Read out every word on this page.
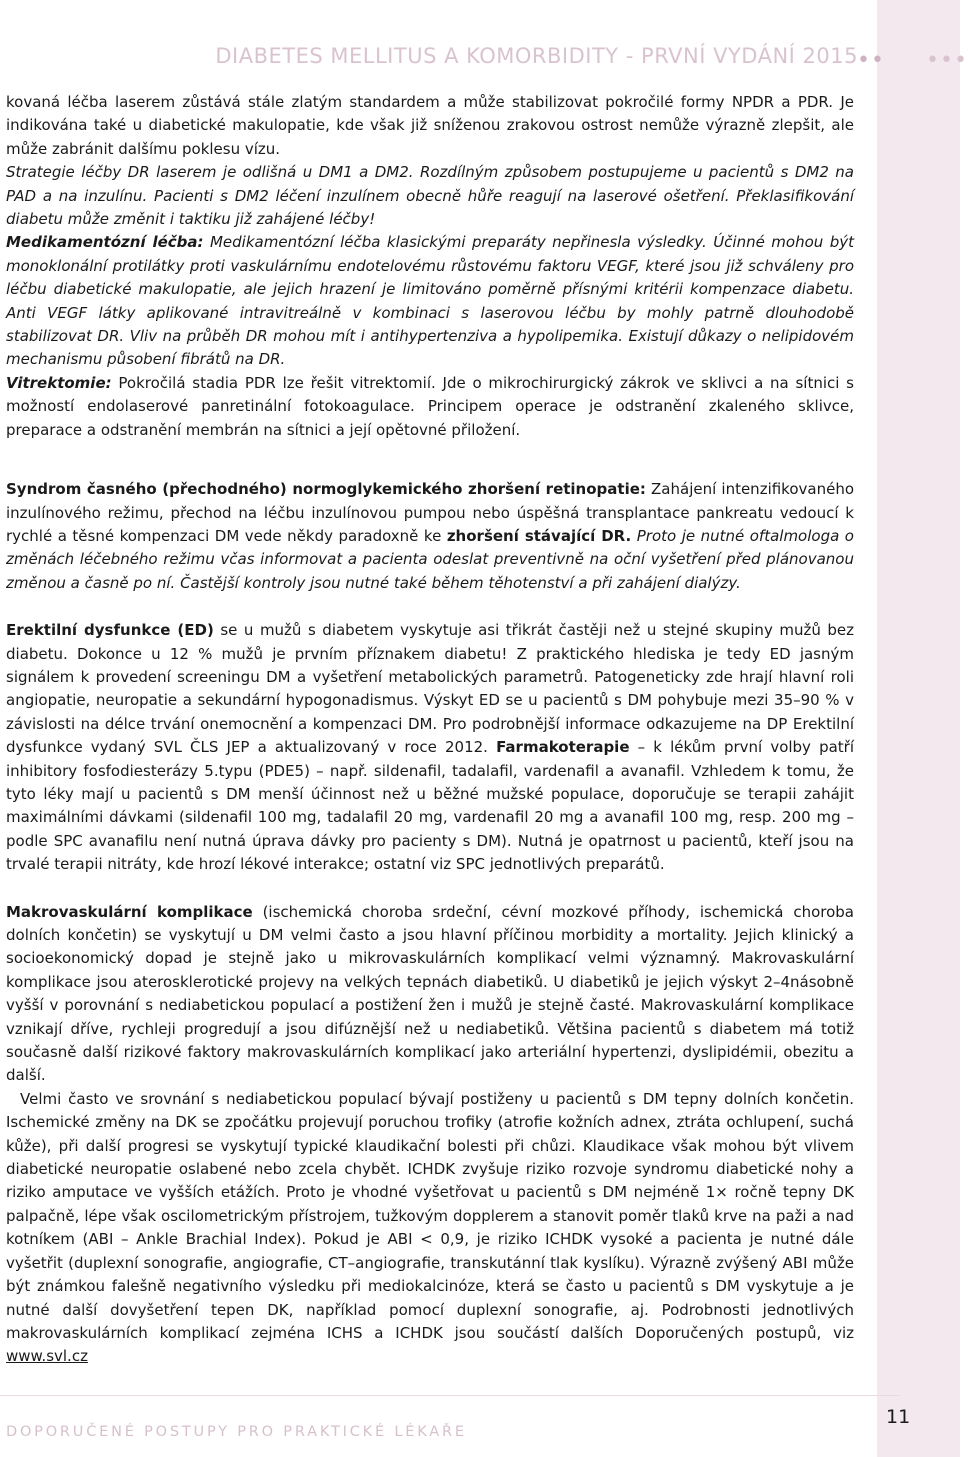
DIABETES MELLITUS A KOMORBIDITY - PRVNÍ VYDÁNÍ 2015 •• •••

kovaná léčba laserem zůstává stále zlatým standardem a může stabilizovat pokročilé formy NPDR a PDR. Je indikována také u diabetické makulopatie, kde však již sníženou zrakovou ostrost nemůže výrazně zlepšit, ale může zabránit dalšímu poklesu vízu.

Strategie léčby DR laserem je odlišná u DM1 a DM2. Rozdílným způsobem postupujeme u pacientů s DM2 na PAD a na inzulínu. Pacienti s DM2 léčení inzulínem obecně hůře reagují na laserové ošetření. Překlasifikování diabetu může změnit i taktiku již zahájené léčby!

Medikamentózní léčba: Medikamentózní léčba klasickými preparáty nepřinesla výsledky. Účinné mohou být monoklonální protilátky proti vaskulárnímu endotelovému růstovému faktoru VEGF, které jsou již schváleny pro léčbu diabetické makulopatie, ale jejich hrazení je limitováno poměrně přísnými kritérii kompenzace diabetu. Anti VEGF látky aplikované intravitreálně v kombinaci s laserovou léčbu by mohly patrně dlouhodobě stabilizovat DR. Vliv na průběh DR mohou mít i antihypertenziva a hypolipemika. Existují důkazy o nelipidovém mechanismu působení fibrátů na DR.

Vitrektomie: Pokročilá stadia PDR lze řešit vitrektomií. Jde o mikrochirurgický zákrok ve sklivci a na sítnici s možností endolaserové panretinální fotokoagulace. Principem operace je odstranění zkaleného sklivce, preparace a odstranění membrán na sítnici a její opětovné přiložení.

Syndrom časného (přechodného) normoglykemického zhoršení retinopatie: Zahájení intenzifikovaného inzulínového režimu, přechod na léčbu inzulínovou pumpou nebo úspěšná transplantace pankreatu vedoucí k rychlé a těsné kompenzaci DM vede někdy paradoxně ke zhoršení stávající DR. Proto je nutné oftalmologa o změnách léčebného režimu včas informovat a pacienta odeslat preventivně na oční vyšetření před plánovanou změnou a časně po ní. Častější kontroly jsou nutné také během těhotenství a při zahájení dialýzy.

Erektilní dysfunkce (ED) se u mužů s diabetem vyskytuje asi třikrát častěji než u stejné skupiny mužů bez diabetu. Dokonce u 12 % mužů je prvním příznakem diabetu! Z praktického hlediska je tedy ED jasným signálem k provedení screeningu DM a vyšetření metabolických parametrů. Patogeneticky zde hrají hlavní roli angiopatie, neuropatie a sekundární hypogonadismus. Výskyt ED se u pacientů s DM pohybuje mezi 35–90 % v závislosti na délce trvání onemocnění a kompenzaci DM. Pro podrobnější informace odkazujeme na DP Erektilní dysfunkce vydaný SVL ČLS JEP a aktualizovaný v roce 2012. Farmakoterapie – k lékům první volby patří inhibitory fosfodiesterázy 5.typu (PDE5) – např. sildenafil, tadalafil, vardenafil a avanafil. Vzhledem k tomu, že tyto léky mají u pacientů s DM menší účinnost než u běžné mužské populace, doporučuje se terapii zahájit maximálními dávkami (sildenafil 100 mg, tadalafil 20 mg, vardenafil 20 mg a avanafil 100 mg, resp. 200 mg – podle SPC avanafilu není nutná úprava dávky pro pacienty s DM). Nutná je opatrnost u pacientů, kteří jsou na trvalé terapii nitráty, kde hrozí lékové interakce; ostatní viz SPC jednotlivých preparátů.

Makrovaskulární komplikace (ischemická choroba srdeční, cévní mozkové příhody, ischemická choroba dolních končetin) se vyskytují u DM velmi často a jsou hlavní příčinou morbidity a mortality. Jejich klinický a socioekonomický dopad je stejně jako u mikrovaskulárních komplikací velmi významný. Makrovaskulární komplikace jsou aterosklerotické projevy na velkých tepnách diabetiků. U diabetiků je jejich výskyt 2–4násobně vyšší v porovnání s nediabetickou populací a postižení žen i mužů je stejně časté. Makrovaskulární komplikace vznikají dříve, rychleji progredují a jsou difúznější než u nediabetiků. Většina pacientů s diabetem má totiž současně další rizikové faktory makrovaskulárních komplikací jako arteriální hypertenzi, dyslipidémii, obezitu a další.

Velmi často ve srovnání s nediabetickou populací bývají postiženy u pacientů s DM tepny dolních končetin. Ischemické změny na DK se zpočátku projevují poruchou trofiky (atrofie kožních adnex, ztráta ochlupení, suchá kůže), při další progresi se vyskytují typické klaudikační bolesti při chůzi. Klaudikace však mohou být vlivem diabetické neuropatie oslabené nebo zcela chybět. ICHDK zvyšuje riziko rozvoje syndromu diabetické nohy a riziko amputace ve vyšších etážích. Proto je vhodné vyšetřovat u pacientů s DM nejméně 1× ročně tepny DK palpačně, lépe však oscilometrickým přístrojem, tužkovým dopplerem a stanovit poměr tlaků krve na paži a nad kotníkem (ABI – Ankle Brachial Index). Pokud je ABI < 0,9, je riziko ICHDK vysoké a pacienta je nutné dále vyšetřit (duplexní sonografie, angiografie, CT–angiografie, transkutánní tlak kyslíku). Výrazně zvýšený ABI může být známkou falešně negativního výsledku při mediokalcinóze, která se často u pacientů s DM vyskytuje a je nutné další dovyšetření tepen DK, například pomocí duplexní sonografie, aj. Podrobnosti jednotlivých makrovaskulárních komplikací zejména ICHS a ICHDK jsou součástí dalších Doporučených postupů, viz www.svl.cz

DOPORUČENÉ POSTUPY PRO PRAKTICKÉ LÉKAŘE
11
